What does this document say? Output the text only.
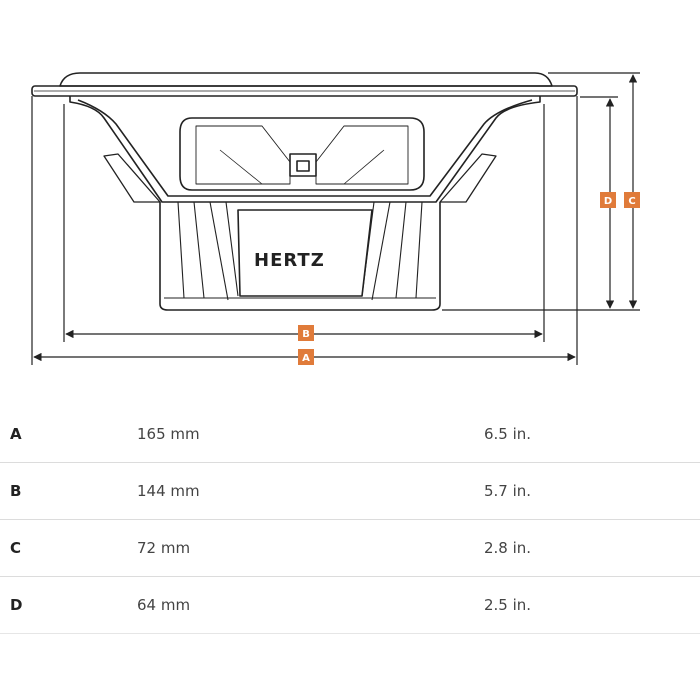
HERTZ
B
A
D C
A	165 mm	6.5 in.
B	144 mm	5.7 in.
C	72 mm	2.8 in.
D	64 mm	2.5 in.
